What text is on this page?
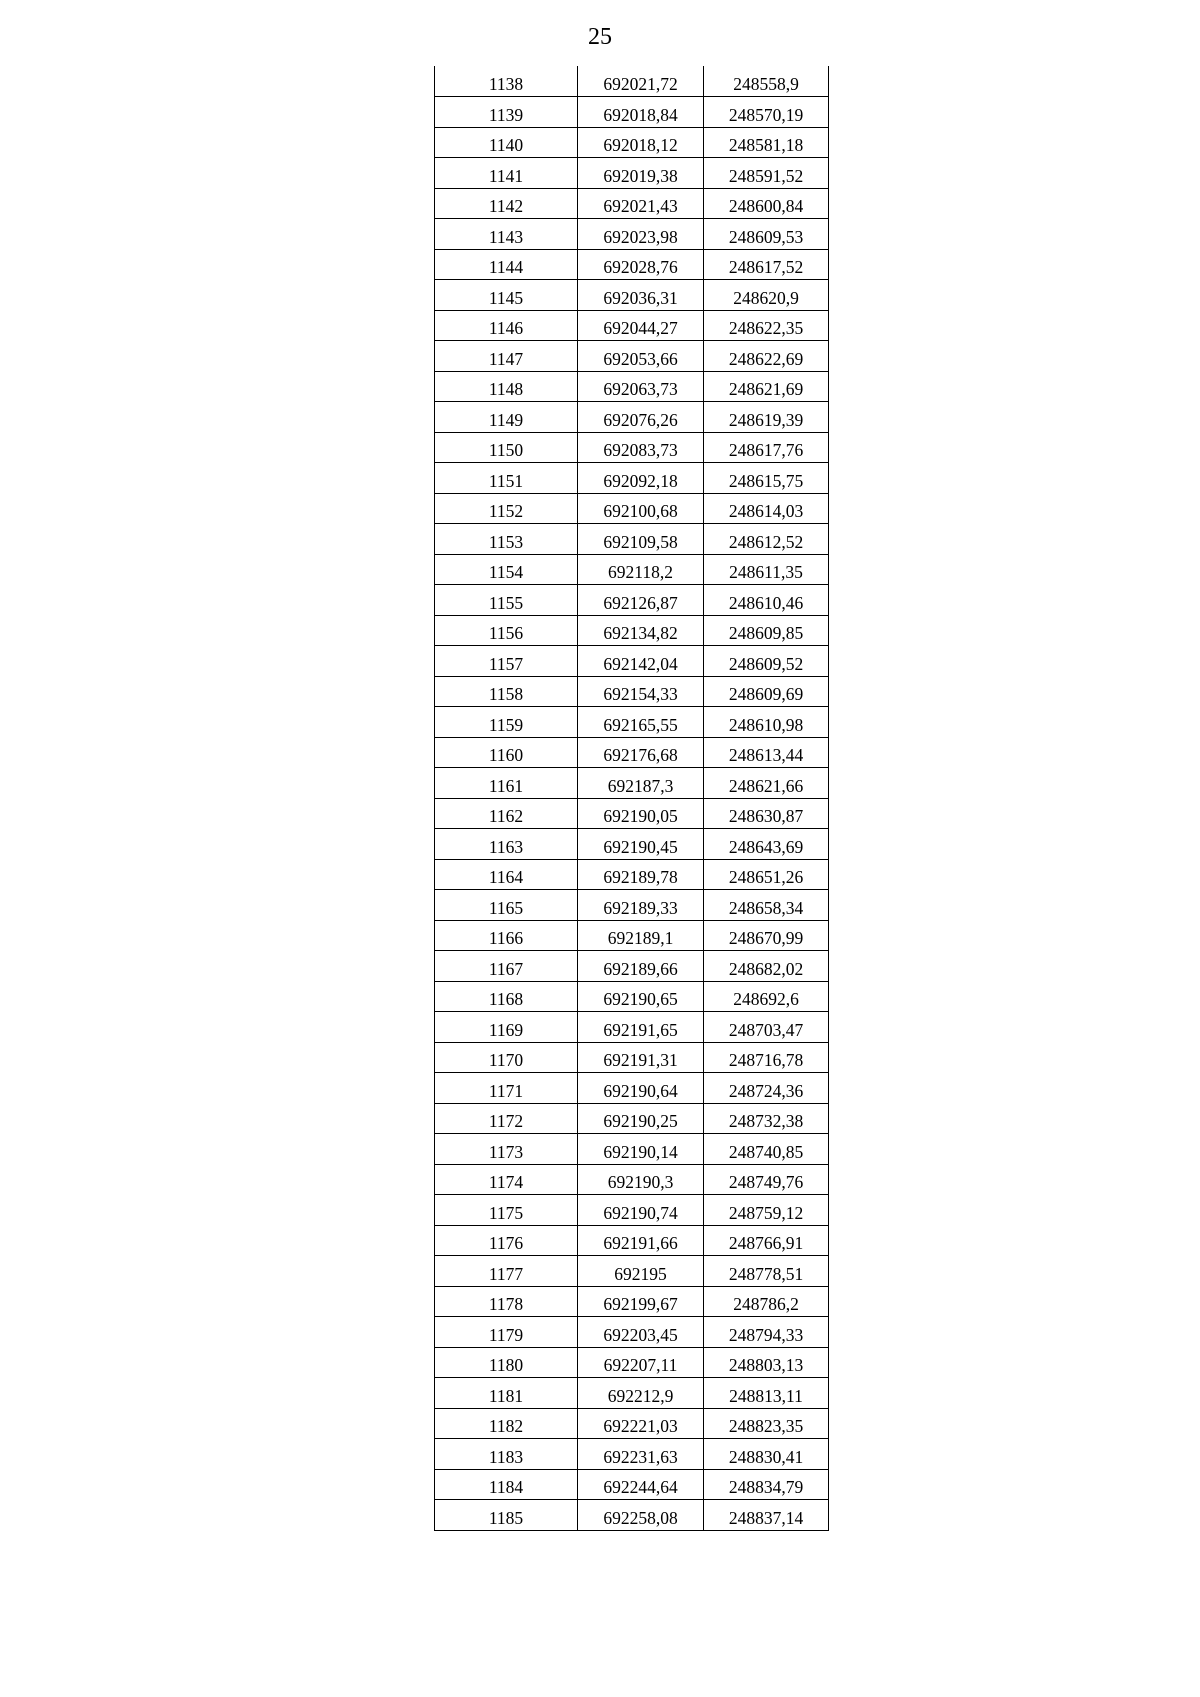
25
1138	692021,72	248558,9
1139	692018,84	248570,19
1140	692018,12	248581,18
1141	692019,38	248591,52
1142	692021,43	248600,84
1143	692023,98	248609,53
1144	692028,76	248617,52
1145	692036,31	248620,9
1146	692044,27	248622,35
1147	692053,66	248622,69
1148	692063,73	248621,69
1149	692076,26	248619,39
1150	692083,73	248617,76
1151	692092,18	248615,75
1152	692100,68	248614,03
1153	692109,58	248612,52
1154	692118,2	248611,35
1155	692126,87	248610,46
1156	692134,82	248609,85
1157	692142,04	248609,52
1158	692154,33	248609,69
1159	692165,55	248610,98
1160	692176,68	248613,44
1161	692187,3	248621,66
1162	692190,05	248630,87
1163	692190,45	248643,69
1164	692189,78	248651,26
1165	692189,33	248658,34
1166	692189,1	248670,99
1167	692189,66	248682,02
1168	692190,65	248692,6
1169	692191,65	248703,47
1170	692191,31	248716,78
1171	692190,64	248724,36
1172	692190,25	248732,38
1173	692190,14	248740,85
1174	692190,3	248749,76
1175	692190,74	248759,12
1176	692191,66	248766,91
1177	692195	248778,51
1178	692199,67	248786,2
1179	692203,45	248794,33
1180	692207,11	248803,13
1181	692212,9	248813,11
1182	692221,03	248823,35
1183	692231,63	248830,41
1184	692244,64	248834,79
1185	692258,08	248837,14
